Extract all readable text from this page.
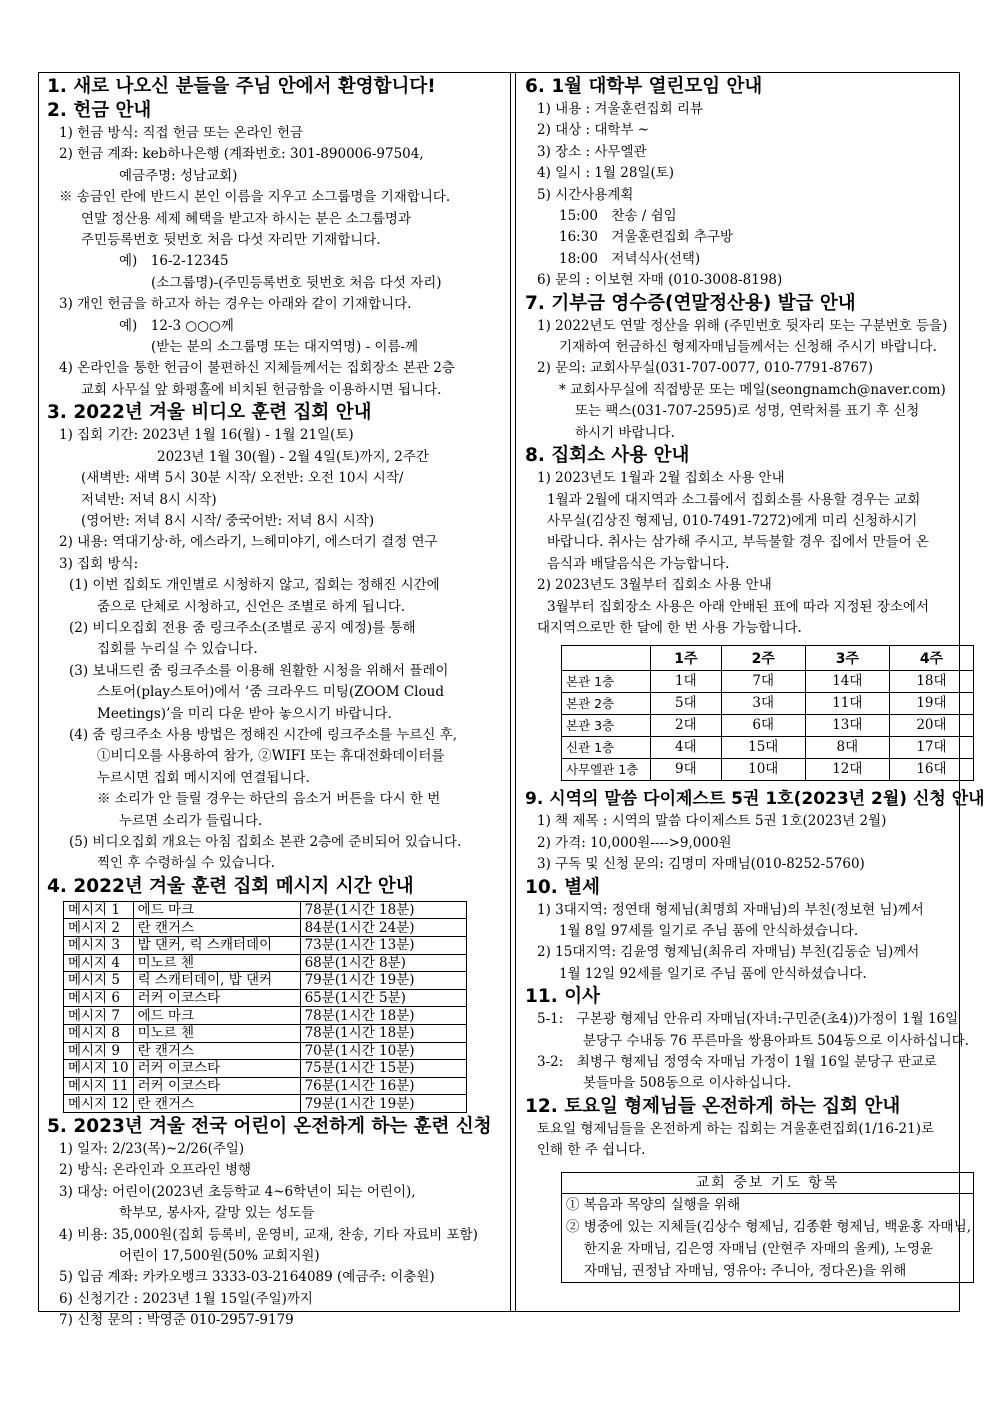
1. 새로 나오신 분들을 주님 안에서 환영합니다!

2. 헌금 안내

1) 헌금 방식: 직접 헌금 또는 온라인 헌금

2) 헌금 계좌: keb하나은행 (계좌번호: 301-890006-97504,

예금주명: 성남교회)

※ 송금인 란에 반드시 본인 이름을 지우고 소그룹명을 기재합니다.

연말 정산용 세제 혜택을 받고자 하시는 분은 소그룹명과

주민등록번호 뒷번호 처음 다섯 자리만 기재합니다.

예)　16-2-12345

(소그룹명)-(주민등록번호 뒷번호 처음 다섯 자리)

3) 개인 헌금을 하고자 하는 경우는 아래와 같이 기재합니다.

예)　12-3 ○○○께

(받는 분의 소그룹명 또는 대지역명) - 이름-께

4) 온라인을 통한 헌금이 불편하신 지체들께서는 집회장소 본관 2층

교회 사무실 앞 화평홀에 비치된 헌금함을 이용하시면 됩니다.

3. 2022년 겨울 비디오 훈련 집회 안내

1) 집회 기간: 2023년 1월 16(월) - 1월 21일(토)

2023년 1월 30(월) - 2월 4일(토)까지, 2주간

(새벽반: 새벽 5시 30분 시작/ 오전반: 오전 10시 시작/

저녁반: 저녁 8시 시작)

(영어반: 저녁 8시 시작/ 중국어반: 저녁 8시 시작)

2) 내용: 역대기상·하, 에스라기, 느헤미야기, 에스더기 결정 연구

3) 집회 방식:

(1) 이번 집회도 개인별로 시청하지 않고, 집회는 정해진 시간에

줌으로 단체로 시청하고, 신언은 조별로 하게 됩니다.

(2) 비디오집회 전용 줌 링크주소(조별로 공지 예정)를 통해

집회를 누리실 수 있습니다.

(3) 보내드린 줌 링크주소를 이용해 원활한 시청을 위해서 플레이

스토어(play스토어)에서 ‘줌 크라우드 미팅(ZOOM Cloud

Meetings)’을 미리 다운 받아 놓으시기 바랍니다.

(4) 줌 링크주소 사용 방법은 정해진 시간에 링크주소를 누르신 후,

①비디오를 사용하여 참가, ②WIFI 또는 휴대전화데이터를

누르시면 집회 메시지에 연결됩니다.

※ 소리가 안 들릴 경우는 하단의 음소거 버튼을 다시 한 번

누르면 소리가 들립니다.

(5) 비디오집회 개요는 아침 집회소 본관 2층에 준비되어 있습니다.

찍인 후 수령하실 수 있습니다.

4. 2022년 겨울 훈련 집회 메시지 시간 안내

메시지 1	에드 마크	78분(1시간 18분)
메시지 2	란 캔거스	84분(1시간 24분)
메시지 3	밥 댄커, 릭 스캐터데이	73분(1시간 13분)
메시지 4	미노르 첸	68분(1시간 8분)
메시지 5	릭 스캐터데이, 밥 댄커	79분(1시간 19분)
메시지 6	러커 이코스타	65분(1시간 5분)
메시지 7	에드 마크	78분(1시간 18분)
메시지 8	미노르 첸	78분(1시간 18분)
메시지 9	란 캔거스	70분(1시간 10분)
메시지 10	러커 이코스타	75분(1시간 15분)
메시지 11	러커 이코스타	76분(1시간 16분)
메시지 12	란 캔거스	79분(1시간 19분)

5. 2023년 겨울 전국 어린이 온전하게 하는 훈련 신청

1) 일자: 2/23(목)~2/26(주일)

2) 방식: 온라인과 오프라인 병행

3) 대상: 어린이(2023년 초등학교 4~6학년이 되는 어린이),

학부모, 봉사자, 갈망 있는 성도들

4) 비용: 35,000원(집회 등록비, 운영비, 교재, 찬송, 기타 자료비 포함)

어린이 17,500원(50% 교회지원)

5) 입금 계좌: 카카오뱅크 3333-03-2164089 (예금주: 이충원)

6) 신청기간 : 2023년 1월 15일(주일)까지

7) 신청 문의 : 박영준 010-2957-9179

6. 1월 대학부 열린모임 안내

1) 내용 : 겨울훈련집회 리뷰

2) 대상 : 대학부 ~

3) 장소 : 사무엘관

4) 일시 : 1월 28일(토)

5) 시간사용계획

15:00　찬송 / 쉼임

16:30　겨울훈련집회 추구방

18:00　저녁식사(선택)

6) 문의 : 이보현 자매 (010-3008-8198)

7. 기부금 영수증(연말정산용) 발급 안내

1) 2022년도 연말 정산을 위해 (주민번호 뒷자리 또는 구분번호 등을)

기재하여 헌금하신 형제자매님들께서는 신청해 주시기 바랍니다.

2) 문의: 교회사무실(031-707-0077, 010-7791-8767)

* 교회사무실에 직접방문 또는 메일(seongnamch@naver.com)

또는 팩스(031-707-2595)로 성명, 연락처를 표기 후 신청

하시기 바랍니다.

8. 집회소 사용 안내

1) 2023년도 1월과 2월 집회소 사용 안내

1월과 2월에 대지역과 소그룹에서 집회소를 사용할 경우는 교회

사무실(김상진 형제님, 010-7491-7272)에게 미리 신청하시기

바랍니다. 취사는 삼가해 주시고, 부득불할 경우 집에서 만들어 온

음식과 배달음식은 가능합니다.

2) 2023년도 3월부터 집회소 사용 안내

3월부터 집회장소 사용은 아래 안배된 표에 따라 지정된 장소에서

대지역으로만 한 달에 한 번 사용 가능합니다.

	1주	2주	3주	4주
본관 1층	1대	7대	14대	18대
본관 2층	5대	3대	11대	19대
본관 3층	2대	6대	13대	20대
신관 1층	4대	15대	8대	17대
사무엘관 1층	9대	10대	12대	16대

9. 시역의 말씀 다이제스트 5권 1호(2023년 2월) 신청 안내

1) 책 제목 : 시역의 말씀 다이제스트 5권 1호(2023년 2월)

2) 가격: 10,000원---->9,000원

3) 구독 및 신청 문의: 김명미 자매님(010-8252-5760)

10. 별세

1) 3대지역: 정연태 형제님(최명희 자매님)의 부친(정보현 님)께서

1월 8일 97세를 일기로 주님 품에 안식하셨습니다.

2) 15대지역: 김윤영 형제님(최유리 자매님) 부친(김동순 님)께서

1월 12일 92세를 일기로 주님 품에 안식하셨습니다.

11. 이사

5-1:　구본광 형제님 안유리 자매님(자녀:구민준(초4))가정이 1월 16일

분당구 수내동 76 푸른마을 쌍용아파트 504동으로 이사하십니다.

3-2:　최병구 형제님 정영숙 자매님 가정이 1월 16일 분당구 판교로

봇들마을 508동으로 이사하십니다.

12. 토요일 형제님들 온전하게 하는 집회 안내

토요일 형제님들을 온전하게 하는 집회는 겨울훈련집회(1/16-21)로

인해 한 주 쉽니다.

교회 중보 기도 항목

① 복음과 목양의 실행을 위해

② 병중에 있는 지체들(김상수 형제님, 김종환 형제님, 백윤홍 자매님,

한지윤 자매님, 김은영 자매님 (안현주 자매의 올케), 노영윤

자매님, 권정남 자매님, 영유아: 주니아, 정다온)을 위해
